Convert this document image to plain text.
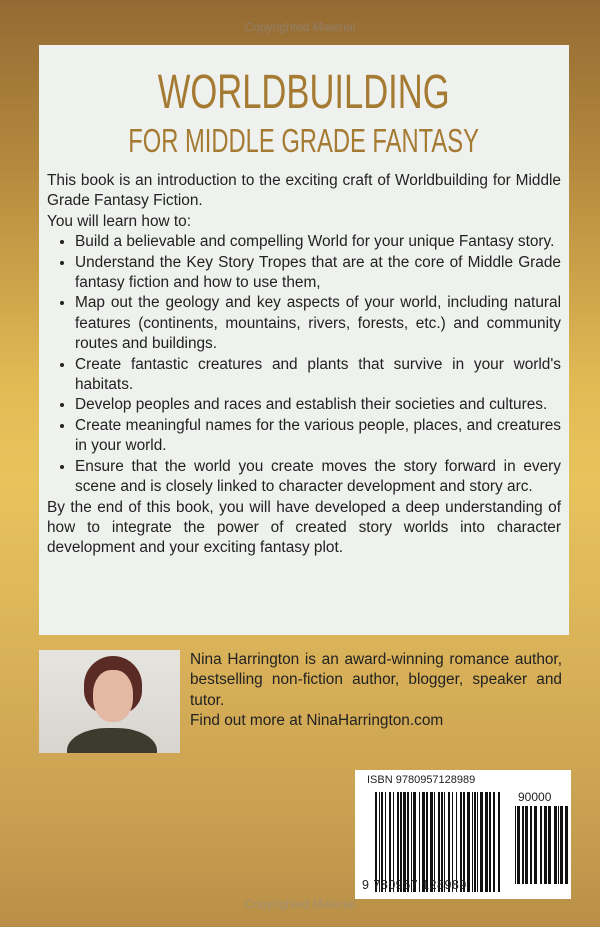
Copyrighted Material
WORLDBUILDING
FOR MIDDLE GRADE FANTASY

This book is an introduction to the exciting craft of Worldbuilding for Middle Grade Fantasy Fiction.

You will learn how to:

• Build a believable and compelling World for your unique Fantasy story.
• Understand the Key Story Tropes that are at the core of Middle Grade fantasy fiction and how to use them,
• Map out the geology and key aspects of your world, including natural features (continents, mountains, rivers, forests, etc.) and community routes and buildings.
• Create fantastic creatures and plants that survive in your world's habitats.
• Develop peoples and races and establish their societies and cultures.
• Create meaningful names for the various people, places, and creatures in your world.
• Ensure that the world you create moves the story forward in every scene and is closely linked to character development and story arc.

By the end of this book, you will have developed a deep understanding of how to integrate the power of created story worlds into character development and your exciting fantasy plot.

Nina Harrington is an award-winning romance author, bestselling non-fiction author, blogger, speaker and tutor.

Find out more at NinaHarrington.com

ISBN 9780957128989
90000
9 780957 128989
Copyrighted Material
